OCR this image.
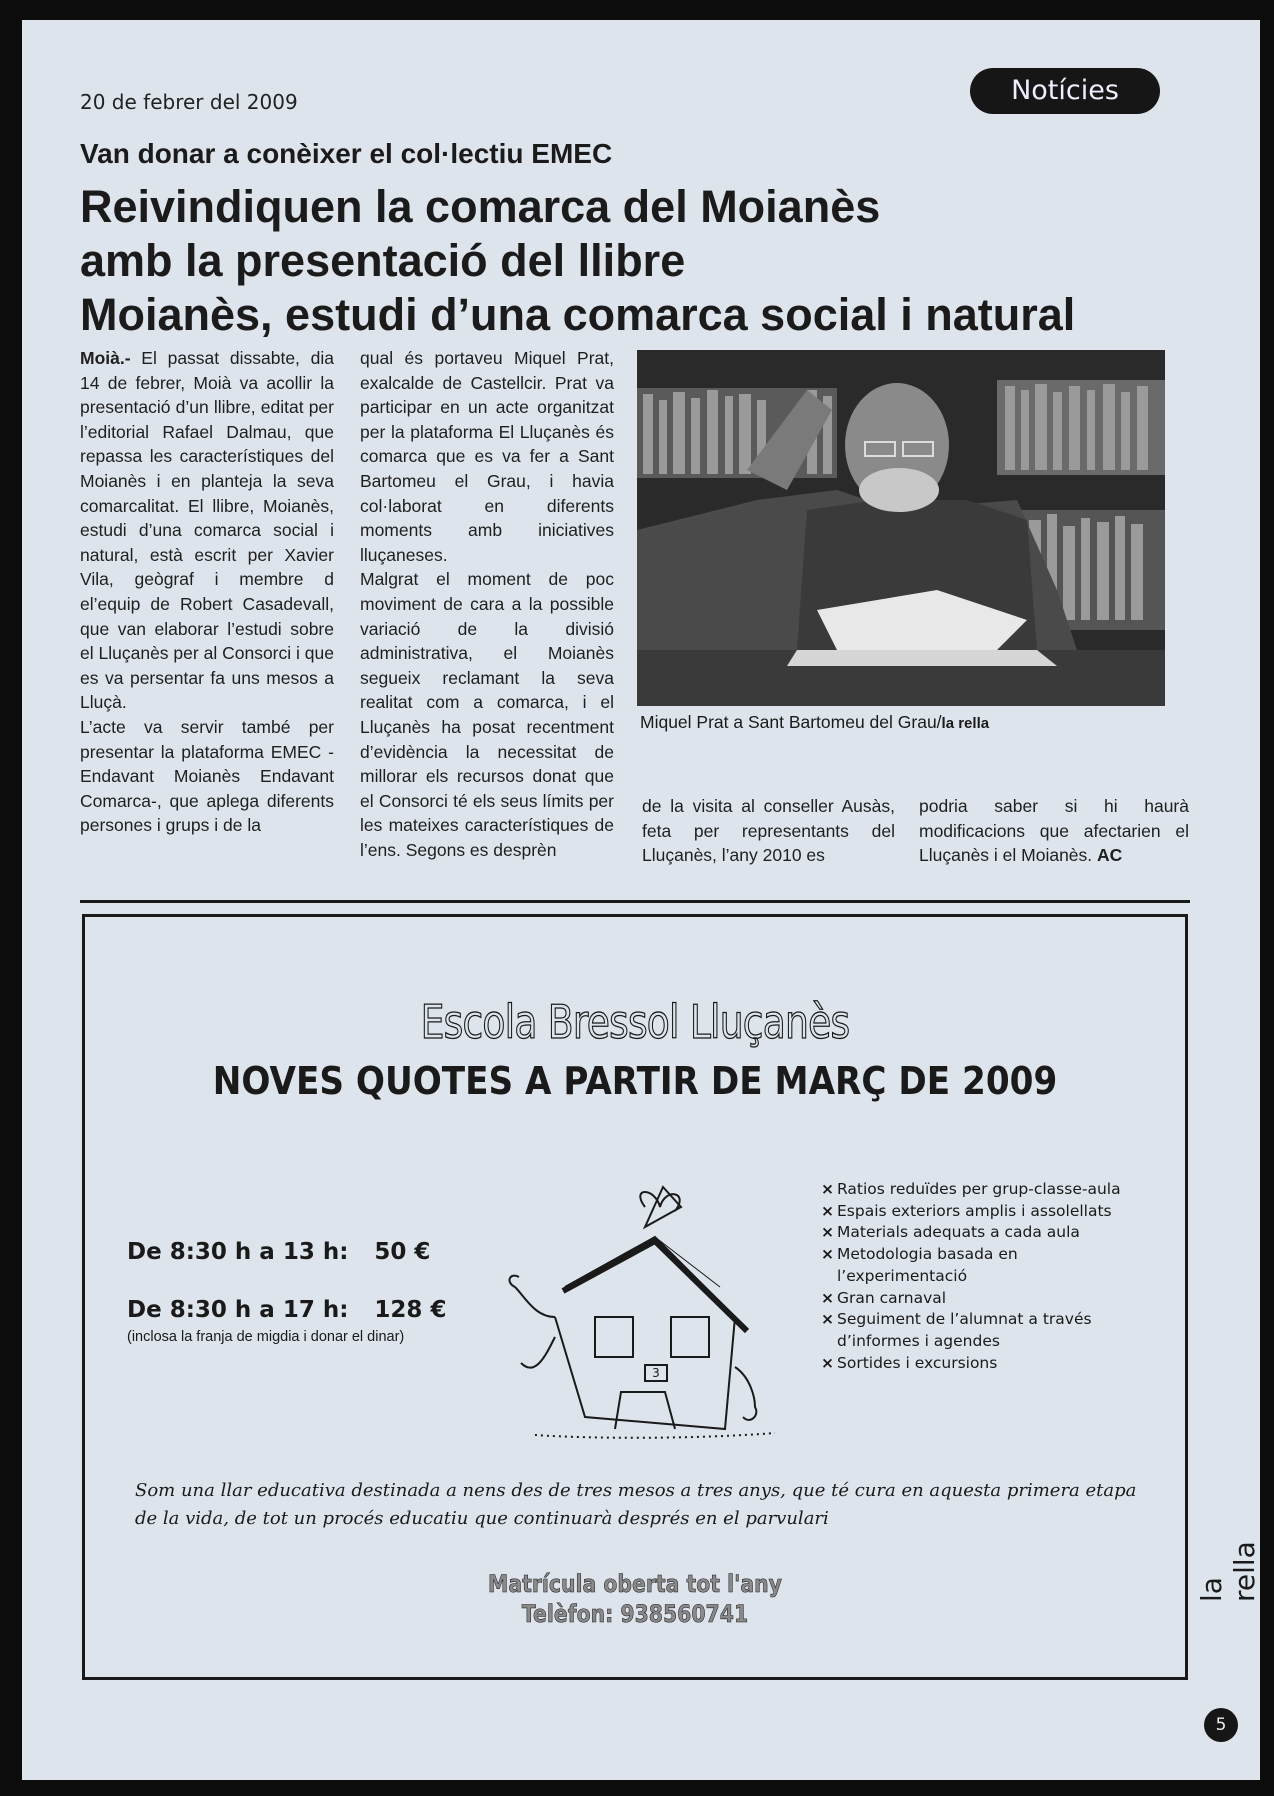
20 de febrer del 2009	Notícies
Van donar a conèixer el col·lectiu EMEC
Reivindiquen la comarca del Moianès
amb la presentació del llibre
Moianès, estudi d’una comarca social i natural

Moià.- El passat dissabte, dia 14 de febrer, Moià va acollir la presentació d’un llibre, editat per l’editorial Rafael Dalmau, que repassa les característiques del Moianès i en planteja la seva comarcalitat. El llibre, Moianès, estudi d’una comarca social i natural, està escrit per Xavier Vila, geògraf i membre d el’equip de Robert Casadevall, que van elaborar l’estudi sobre el Lluçanès per al Consorci i que es va persentar fa uns mesos a Lluçà.

L’acte va servir també per presentar la plataforma EMEC -Endavant Moianès Endavant Comarca-, que aplega diferents persones i grups i de la

qual és portaveu Miquel Prat, exalcalde de Castellcir. Prat va participar en un acte organitzat per la plataforma El Lluçanès és comarca que es va fer a Sant Bartomeu el Grau, i havia col·laborat en diferents moments amb iniciatives lluçaneses.

Malgrat el moment de poc moviment de cara a la possible variació de la divisió administrativa, el Moianès segueix reclamant la seva realitat com a comarca, i el Lluçanès ha posat recentment d’evidència la necessitat de millorar els recursos donat que el Consorci té els seus límits per les mateixes característiques de l’ens. Segons es desprèn

Miquel Prat a Sant Bartomeu del Grau/la rella
de la visita al conseller Ausàs, feta per representants del Lluçanès, l’any 2010 es
podria saber si hi haurà modificacions que afectarien el Lluçanès i el Moianès. AC
Escola Bressol Lluçanès
NOVES QUOTES A PARTIR DE MARÇ DE 2009
De 8:30 h a 13 h: 50 €
De 8:30 h a 17 h: 128 €
(inclosa la franja de migdia i donar el dinar)
3
× Ratios reduïdes per grup-classe-aula
× Espais exteriors amplis i assolellats
× Materials adequats a cada aula
× Metodologia basada en l’experimentació
× Gran carnaval
× Seguiment de l’alumnat a través d’informes i agendes
× Sortides i excursions
Som una llar educativa destinada a nens des de tres mesos a tres anys, que té cura en aquesta primera etapa de la vida, de tot un procés educatiu que continuarà després en el parvulari
Matrícula oberta tot l'any
Telèfon: 938560741
la rella
5
